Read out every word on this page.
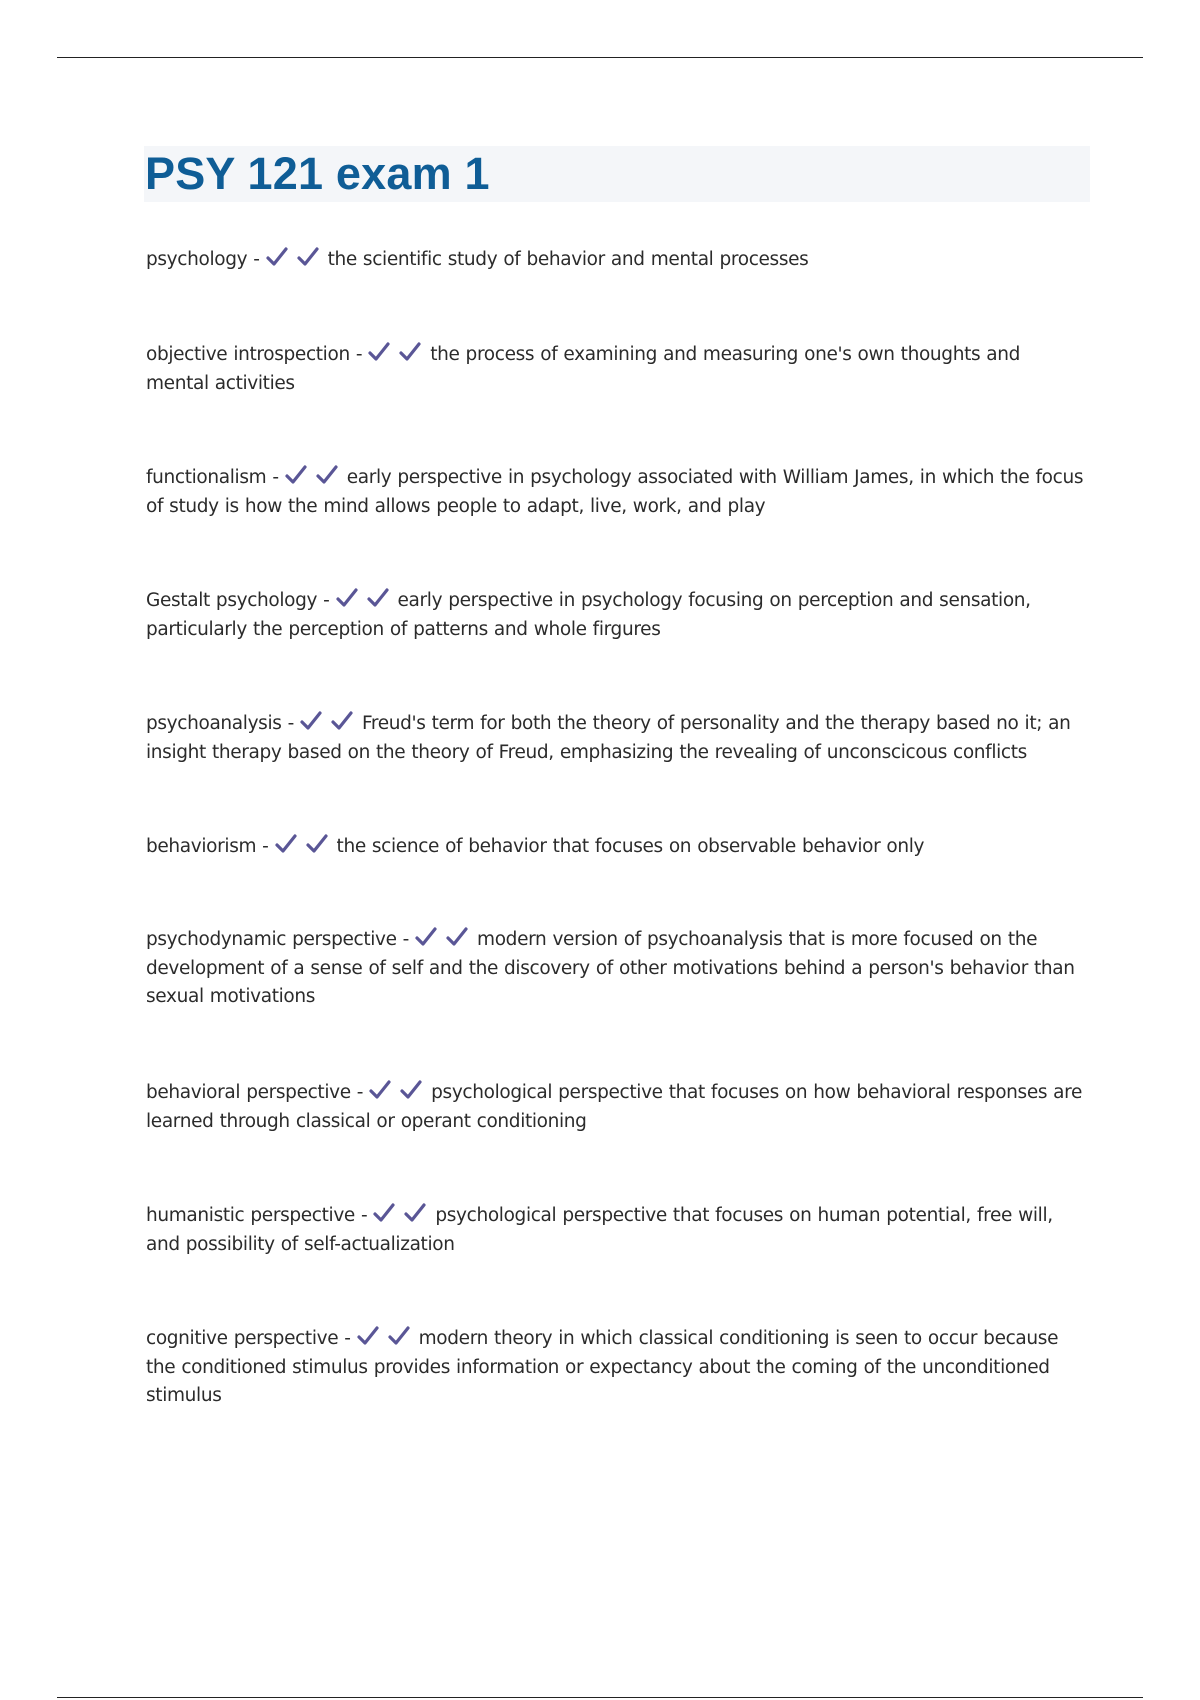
PSY 121 exam 1

psychology -	the scientific study of behavior and mental processes

objective introspection -	the process of examining and measuring one's own thoughts and mental activities

functionalism -	early perspective in psychology associated with William James, in which the focus of study is how the mind allows people to adapt, live, work, and play

Gestalt psychology -	early perspective in psychology focusing on perception and sensation, particularly the perception of patterns and whole firgures

psychoanalysis -	Freud's term for both the theory of personality and the therapy based no it; an insight therapy based on the theory of Freud, emphasizing the revealing of unconscicous conflicts

behaviorism -	the science of behavior that focuses on observable behavior only

psychodynamic perspective -	modern version of psychoanalysis that is more focused on the development of a sense of self and the discovery of other motivations behind a person's behavior than sexual motivations

behavioral perspective -	psychological perspective that focuses on how behavioral responses are learned through classical or operant conditioning

humanistic perspective -	psychological perspective that focuses on human potential, free will, and possibility of self-actualization

cognitive perspective -	modern theory in which classical conditioning is seen to occur because the conditioned stimulus provides information or expectancy about the coming of the unconditioned stimulus
